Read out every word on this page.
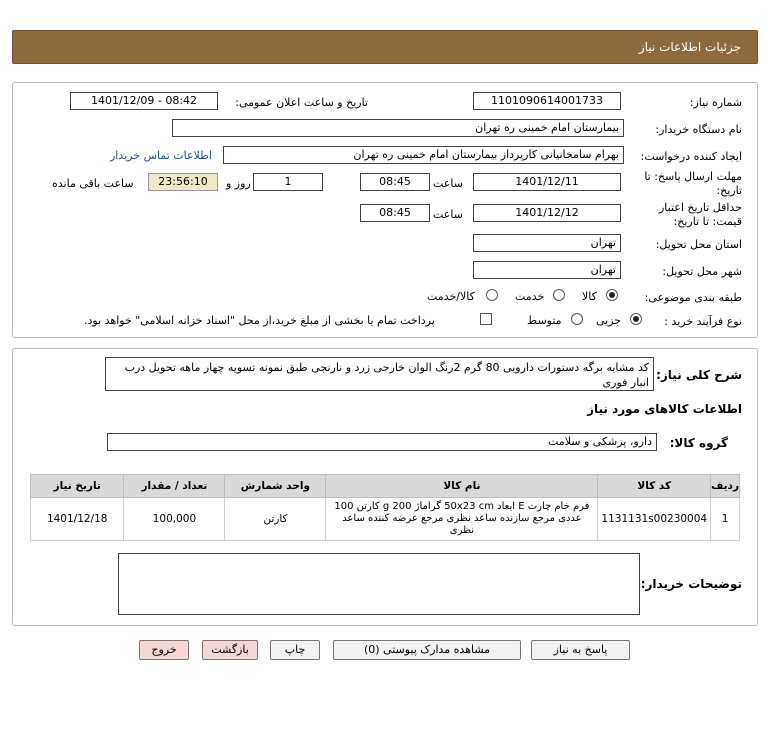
جزئیات اطلاعات نیاز
شماره نیاز:
1101090614001733
تاریخ و ساعت اعلان عمومی:
1401/12/09 - 08:42
نام دستگاه خریدار:
بیمارستان امام خمینی ره تهران
ایجاد کننده درخواست:
بهرام سامخانیانی کارپرداز بیمارستان امام خمینی ره تهران
اطلاعات تماس خریدار
مهلت ارسال پاسخ: تا
تاریخ:
1401/12/11
ساعت
08:45
1
روز و
23:56:10
ساعت باقی مانده
حداقل تاریخ اعتبار
قیمت: تا تاریخ:
1401/12/12
ساعت
08:45
استان محل تحویل:
تهران
شهر محل تحویل:
تهران
طبقه بندی موضوعی:
کالا
خدمت
کالا/خدمت
نوع فرآیند خرید :
جزیی
متوسط
پرداخت تمام یا بخشی از مبلغ خرید،از محل "اسناد خزانه اسلامی" خواهد بود.
شرح کلی نیاز:
کد مشابه برگه دستورات دارویی 80 گرم 2رنگ الوان خارجی زرد و نارنجی طبق نمونه تسویه چهار ماهه تحویل درب انبار فوری
اطلاعات کالاهای مورد نیاز
گروه کالا:
دارو، پزشکی و سلامت
ردیف	کد کالا	نام کالا	واحد شمارش	تعداد / مقدار	تاریخ نیاز
1	1131131s00230004	فرم خام چارت E ابعاد 50x23 cm گراماژ 200 g کارتن 100 عددی مرجع سازنده ساعد نظری مرجع عرضه کننده ساعد نظری	کارتن	100,000	1401/12/18
توضیحات خریدار:
پاسخ به نیاز
مشاهده مدارک پیوستی (0)
چاپ
بازگشت
خروج
